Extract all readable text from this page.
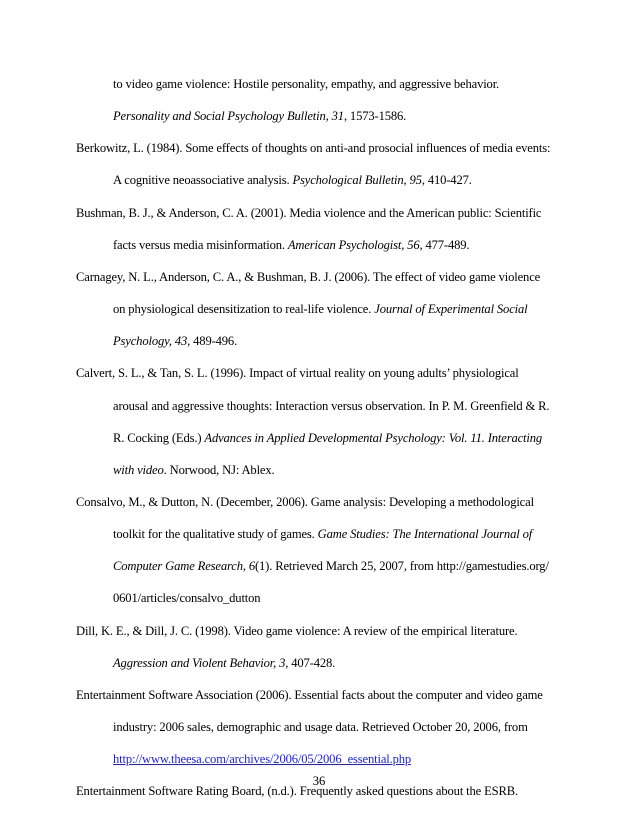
to video game violence: Hostile personality, empathy, and aggressive behavior.
Personality and Social Psychology Bulletin, 31, 1573-1586.
Berkowitz, L. (1984). Some effects of thoughts on anti-and prosocial influences of media events:
A cognitive neoassociative analysis. Psychological Bulletin, 95, 410-427.
Bushman, B. J., & Anderson, C. A. (2001). Media violence and the American public: Scientific
facts versus media misinformation. American Psychologist, 56, 477-489.
Carnagey, N. L., Anderson, C. A., & Bushman, B. J. (2006). The effect of video game violence
on physiological desensitization to real-life violence. Journal of Experimental Social
Psychology, 43, 489-496.
Calvert, S. L., & Tan, S. L. (1996). Impact of virtual reality on young adults’ physiological
arousal and aggressive thoughts: Interaction versus observation. In P. M. Greenfield & R.
R. Cocking (Eds.) Advances in Applied Developmental Psychology: Vol. 11. Interacting
with video. Norwood, NJ: Ablex.
Consalvo, M., & Dutton, N. (December, 2006). Game analysis: Developing a methodological
toolkit for the qualitative study of games. Game Studies: The International Journal of
Computer Game Research, 6(1). Retrieved March 25, 2007, from http://gamestudies.org/
0601/articles/consalvo_dutton
Dill, K. E., & Dill, J. C. (1998). Video game violence: A review of the empirical literature.
Aggression and Violent Behavior, 3, 407-428.
Entertainment Software Association (2006). Essential facts about the computer and video game
industry: 2006 sales, demographic and usage data. Retrieved October 20, 2006, from
http://www.theesa.com/archives/2006/05/2006_essential.php
Entertainment Software Rating Board, (n.d.). Frequently asked questions about the ESRB.
36
